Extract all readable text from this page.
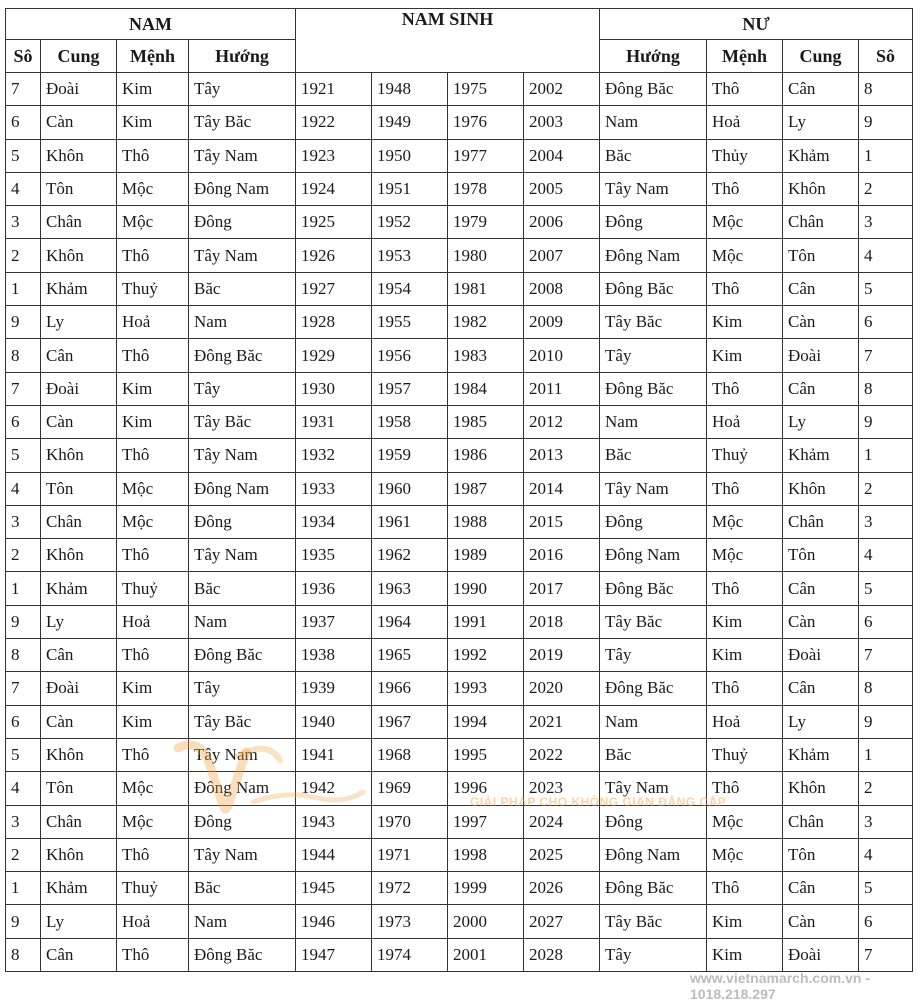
NAM				NAM SINH				NƯ			
Sô	Cung	Mệnh	Hướng					Hướng	Mệnh	Cung	Sô
7	Đoài	Kim	Tây	1921	1948	1975	2002	Đông Băc	Thô	Cân	8
6	Càn	Kim	Tây Băc	1922	1949	1976	2003	Nam	Hoả	Ly	9
5	Khôn	Thô	Tây Nam	1923	1950	1977	2004	Băc	Thủy	Khảm	1
4	Tôn	Mộc	Đông Nam	1924	1951	1978	2005	Tây Nam	Thô	Khôn	2
3	Chân	Mộc	Đông	1925	1952	1979	2006	Đông	Mộc	Chân	3
2	Khôn	Thô	Tây Nam	1926	1953	1980	2007	Đông Nam	Mộc	Tôn	4
1	Khảm	Thuỷ	Băc	1927	1954	1981	2008	Đông Băc	Thô	Cân	5
9	Ly	Hoả	Nam	1928	1955	1982	2009	Tây Băc	Kim	Càn	6
8	Cân	Thô	Đông Băc	1929	1956	1983	2010	Tây	Kim	Đoài	7
7	Đoài	Kim	Tây	1930	1957	1984	2011	Đông Băc	Thô	Cân	8
6	Càn	Kim	Tây Băc	1931	1958	1985	2012	Nam	Hoả	Ly	9
5	Khôn	Thô	Tây Nam	1932	1959	1986	2013	Băc	Thuỷ	Khảm	1
4	Tôn	Mộc	Đông Nam	1933	1960	1987	2014	Tây Nam	Thô	Khôn	2
3	Chân	Mộc	Đông	1934	1961	1988	2015	Đông	Mộc	Chân	3
2	Khôn	Thô	Tây Nam	1935	1962	1989	2016	Đông Nam	Mộc	Tôn	4
1	Khảm	Thuỷ	Băc	1936	1963	1990	2017	Đông Băc	Thô	Cân	5
9	Ly	Hoả	Nam	1937	1964	1991	2018	Tây Băc	Kim	Càn	6
8	Cân	Thô	Đông Băc	1938	1965	1992	2019	Tây	Kim	Đoài	7
7	Đoài	Kim	Tây	1939	1966	1993	2020	Đông Băc	Thô	Cân	8
6	Càn	Kim	Tây Băc	1940	1967	1994	2021	Nam	Hoả	Ly	9
5	Khôn	Thô	Tây Nam	1941	1968	1995	2022	Băc	Thuỷ	Khảm	1
4	Tôn	Mộc	Đông Nam	1942	1969	1996	2023	Tây Nam	Thô	Khôn	2
3	Chân	Mộc	Đông	1943	1970	1997	2024	Đông	Mộc	Chân	3
2	Khôn	Thô	Tây Nam	1944	1971	1998	2025	Đông Nam	Mộc	Tôn	4
1	Khảm	Thuỷ	Băc	1945	1972	1999	2026	Đông Băc	Thô	Cân	5
9	Ly	Hoả	Nam	1946	1973	2000	2027	Tây Băc	Kim	Càn	6
8	Cân	Thô	Đông Băc	1947	1974	2001	2028	Tây	Kim	Đoài	7
GIẢI PHÁP CHO KHÔNG GIAN ĐẲNG CẤP
www.vietnamarch.com.vn - 1018.218.297
